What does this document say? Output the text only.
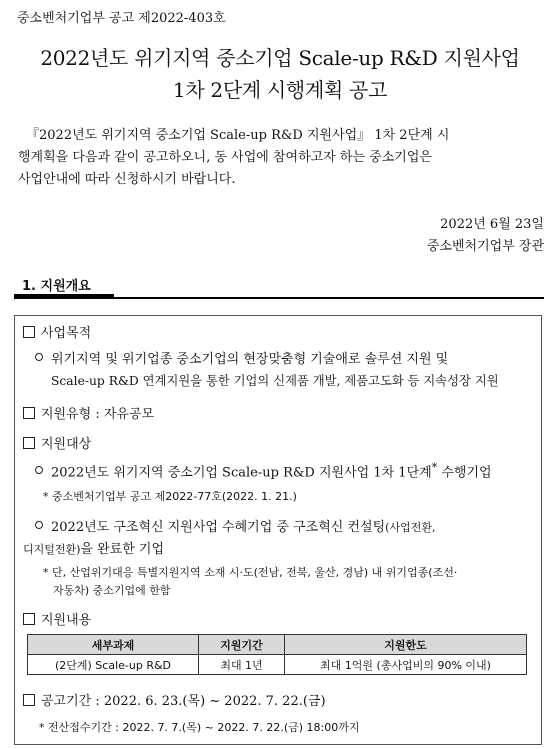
중소벤처기업부 공고 제2022-403호
2022년도 위기지역 중소기업 Scale-up R&D 지원사업
1차 2단계 시행계획 공고
『2022년도 위기지역 중소기업 Scale-up R&D 지원사업』 1차 2단계 시
행계획을 다음과 같이 공고하오니, 동 사업에 참여하고자 하는 중소기업은
사업안내에 따라 신청하시기 바랍니다.
2022년 6월 23일
중소벤처기업부 장관
1. 지원개요
사업목적
위기지역 및 위기업종 중소기업의 현장맞춤형 기술애로 솔루션 지원 및
Scale-up R&D 연계지원을 통한 기업의 신제품 개발, 제품고도화 등 지속성장 지원
지원유형 : 자유공모
지원대상
2022년도 위기지역 중소기업 Scale-up R&D 지원사업 1차 1단계* 수행기업
* 중소벤처기업부 공고 제2022-77호(2022. 1. 21.)
2022년도 구조혁신 지원사업 수혜기업 중 구조혁신 컨설팅(사업전환,
디지털전환)을 완료한 기업
* 단, 산업위기대응 특별지원지역 소재 시·도(전남, 전북, 울산, 경남) 내 위기업종(조선·
자동차) 중소기업에 한함
지원내용
세부과제	지원기간	지원한도
(2단계) Scale-up R&D	최대 1년	최대 1억원 (총사업비의 90% 이내)
공고기간 : 2022. 6. 23.(목) ~ 2022. 7. 22.(금)
* 전산접수기간 : 2022. 7. 7.(목) ~ 2022. 7. 22.(금) 18:00까지
